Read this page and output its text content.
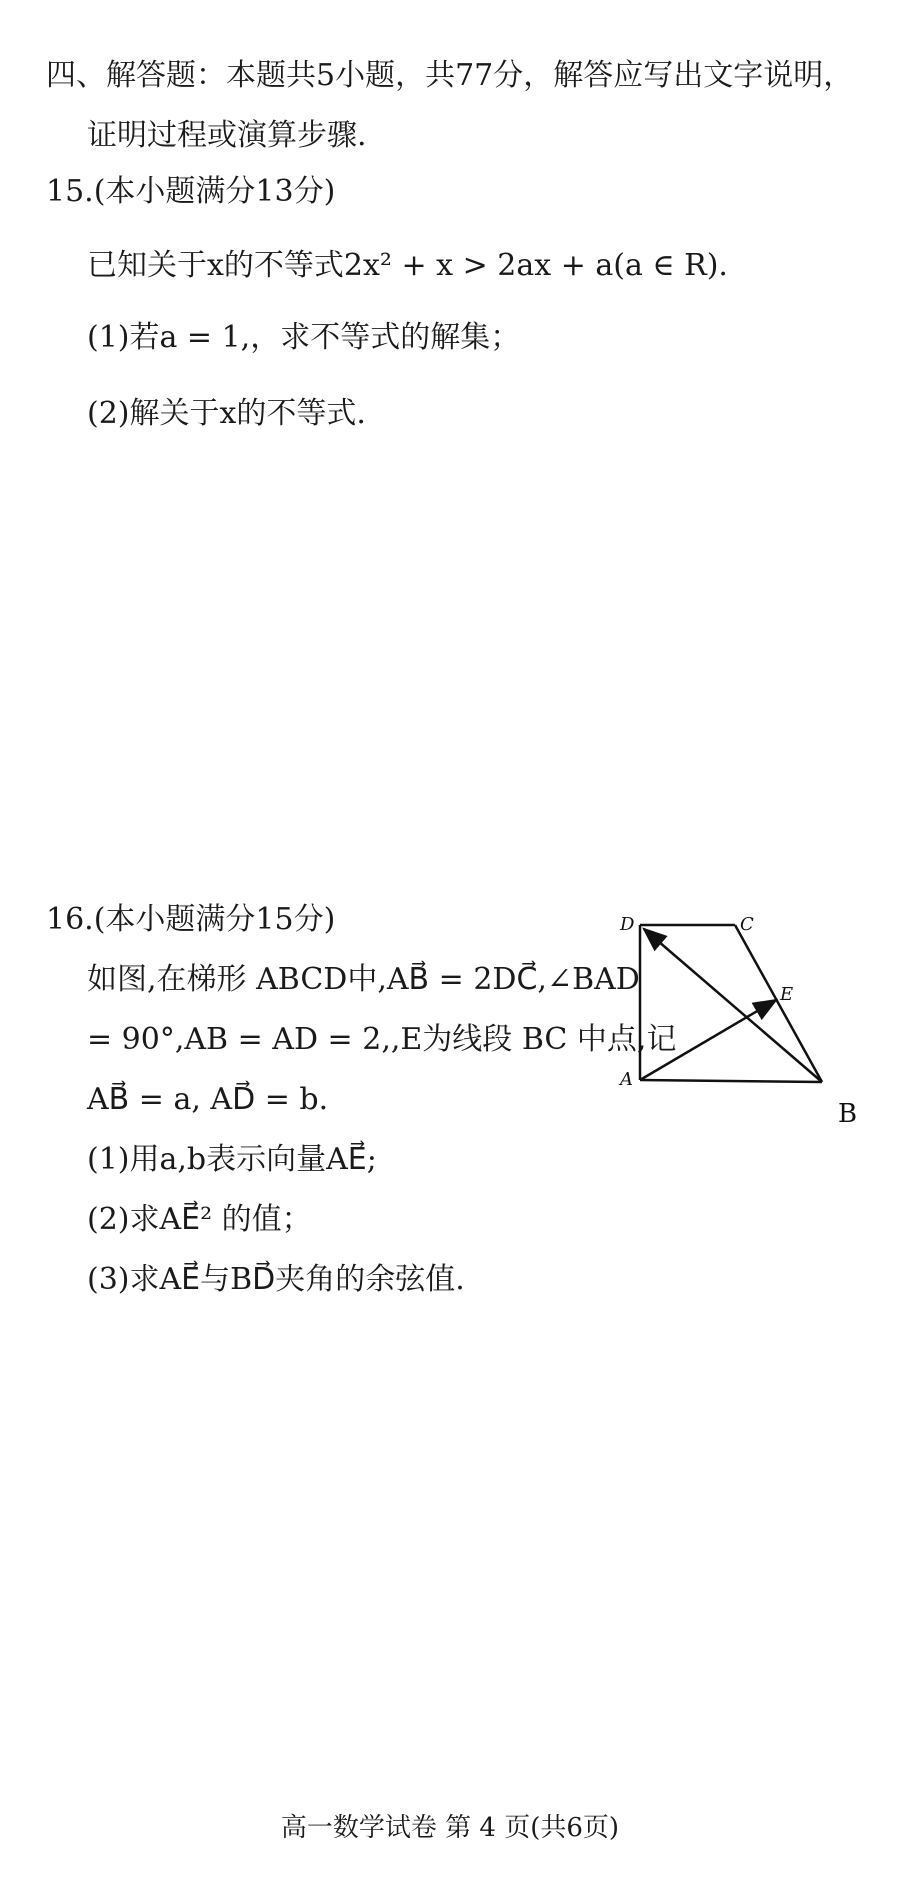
四、解答题：本题共5小题，共77分，解答应写出文字说明，
证明过程或演算步骤.
15.(本小题满分13分)
已知关于x的不等式2x² + x > 2ax + a(a ∈ R).
(1)若a = 1,，求不等式的解集；
(2)解关于x的不等式.
16.(本小题满分15分)
如图,在梯形 ABCD中,AB⃗ = 2DC⃗,∠BAD
= 90°,AB = AD = 2,,E为线段 BC 中点,记
AB⃗ = a, AD⃗ = b.
(1)用a,b表示向量AE⃗;
(2)求AE⃗² 的值；
(3)求AE⃗与BD⃗夹角的余弦值.
D	C
E
A
B
高一数学试卷 第 4 页(共6页)
